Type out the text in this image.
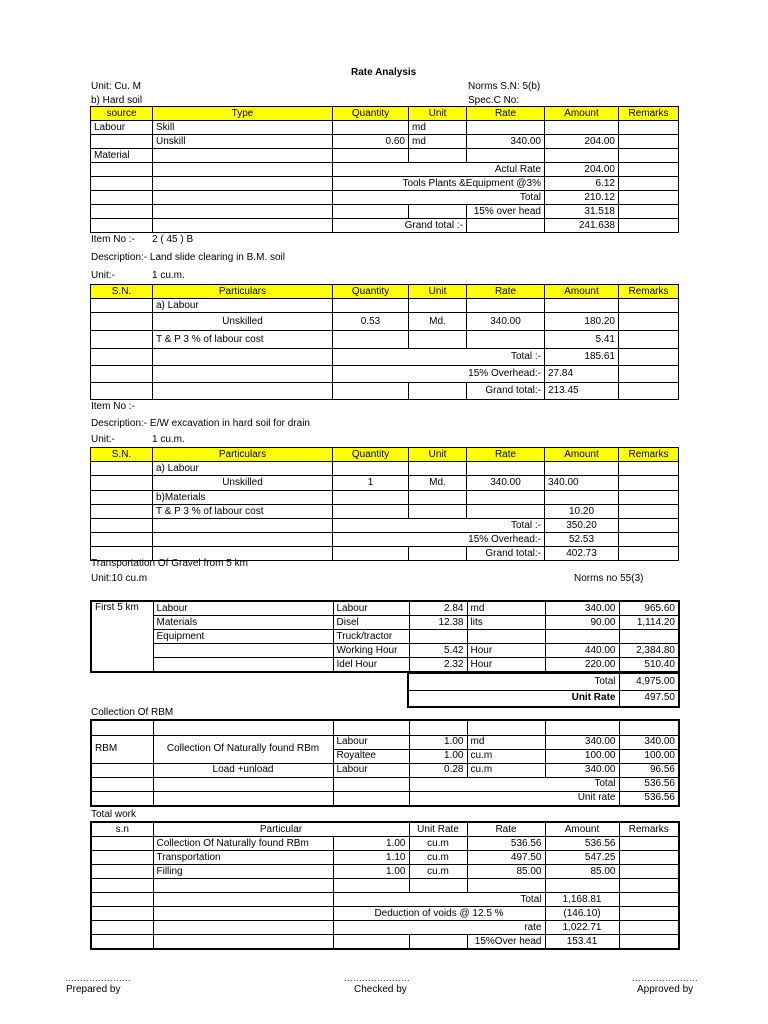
Rate Analysis
Unit: Cu. M
b) Hard soil
Norms S.N: 5(b)
Spec.C No:
source	Type	Quantity	Unit	Rate	Amount	Remarks
Labour	Skill		md			
	Unskill	0.60	md	340.00	204.00	
Material						
		Actul Rate			204.00	
		Tools Plants &Equipment @3%			6.12	
		Total			210.12	
				15% over head	31.518	
		Grand total :-			241.638	
Item No :- 2 ( 45 ) B
Description:- Land slide clearing in B.M. soil
Unit:-	1 cu.m.
S.N.	Particulars	Quantity	Unit	Rate	Amount	Remarks
	a) Labour					
	Unskilled	0.53	Md.	340.00	180.20	
	T & P 3 % of labour cost				5.41	
		Total :-			185.61	
		15% Overhead:-			27.84	
				Grand total:-	213.45	
Item No :-
Description:- E/W excavation in hard soil for drain
Unit:-	1 cu.m.
S.N.	Particulars	Quantity	Unit	Rate	Amount	Remarks
	a) Labour					
	Unskilled	1	Md.	340.00	340.00	
	b)Materials					
	T & P 3 % of labour cost				10.20	
		Total :-			350.20	
		15% Overhead:-			52.53	
				Grand total:-	402.73	
Transportation Of Gravel from 5 km
Unit:10 cu.m	Norms no 55(3)
First 5 km	Labour	Labour	2.84	md	340.00	965.60
	Materials	Disel	12.38	lits	90.00	1,114.20
	Equipment	Truck/tractor				
		Working Hour	5.42	Hour	440.00	2,384.80
		Idel Hour	2.32	Hour	220.00	510.40
Total	4,975.00
Unit Rate	497.50
Collection Of RBM

RBM	Collection Of Naturally found RBm	Labour	1.00	md	340.00	340.00
		Royaltee	1.00	cu.m	100.00	100.00
	Load +unload	Labour	0.28	cu.m	340.00	96.56
			Total			536.56
			Unit rate			536.56
Total work
s.n	Particular		Unit Rate	Rate	Amount	Remarks
	Collection Of Naturally found RBm	1.00	cu.m	536.56	536.56	
	Transportation	1.10	cu.m	497.50	547.25	
	Filling	1.00	cu.m	85.00	85.00	

		Total			1,168.81	
		Deduction of voids @ 12.5 %			(146.10)	
		rate			1,022.71	
				15%Over head	153.41	
......................	......................	......................
Prepared by	Checked by	Approved by
